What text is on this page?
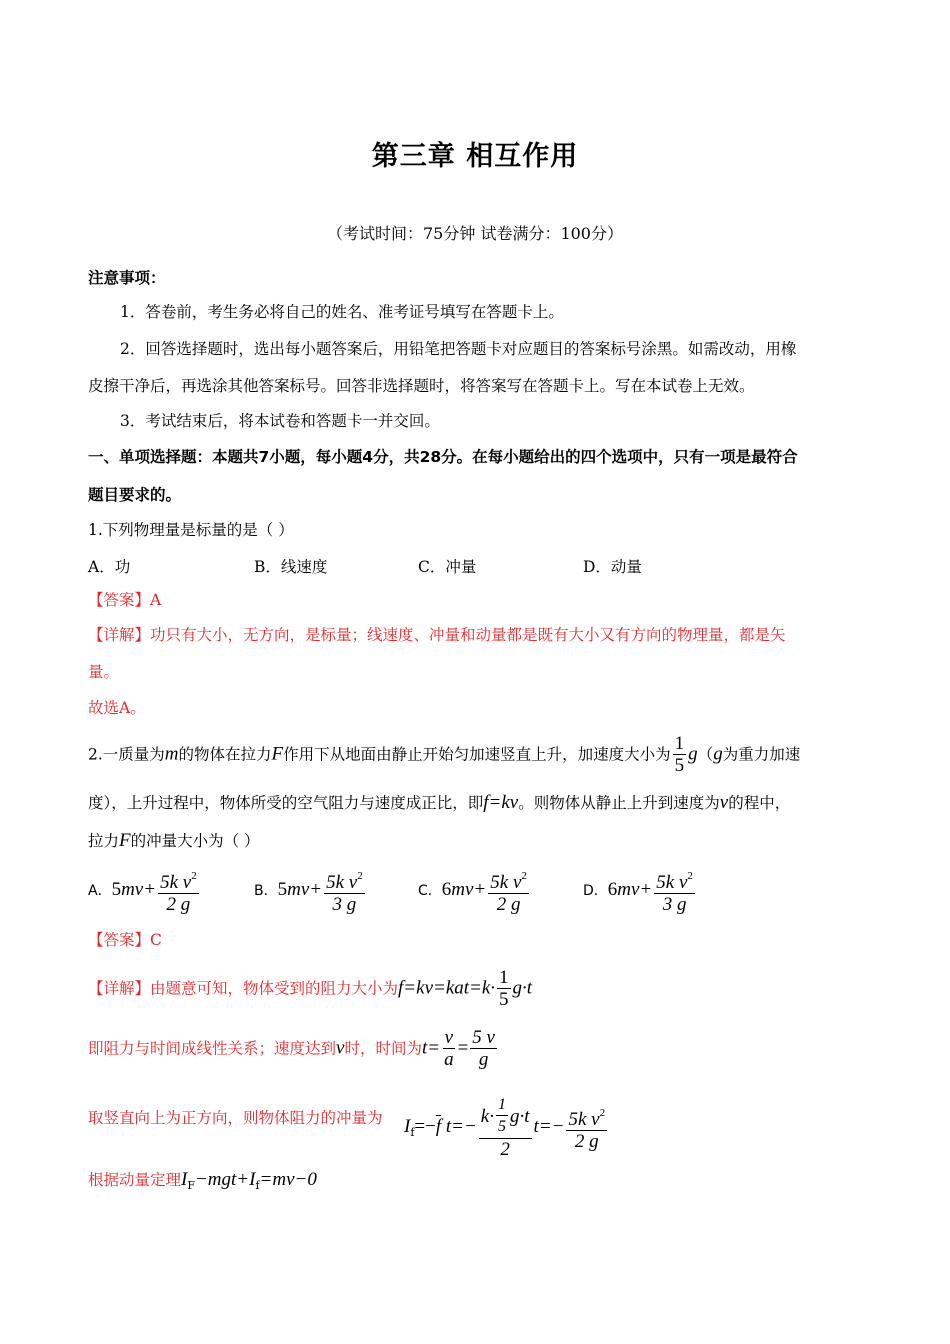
第三章 相互作用
（考试时间：75分钟 试卷满分：100分）
注意事项：
1．答卷前，考生务必将自己的姓名、准考证号填写在答题卡上。
2．回答选择题时，选出每小题答案后，用铅笔把答题卡对应题目的答案标号涂黑。如需改动，用橡
皮擦干净后，再选涂其他答案标号。回答非选择题时，将答案写在答题卡上。写在本试卷上无效。
3．考试结束后，将本试卷和答题卡一并交回。
一、单项选择题：本题共7小题，每小题4分，共28分。在每小题给出的四个选项中，只有一项是最符合
题目要求的。
1.下列物理量是标量的是（ ）
A．功	B．线速度	C．冲量	D．动量
【答案】A
【详解】功只有大小，无方向，是标量；线速度、冲量和动量都是既有大小又有方向的物理量，都是矢
量。
故选A。
2.一质量为m的物体在拉力F作用下从地面由静止开始匀加速竖直上升，加速度大小为 $\frac{1}{5} g(g$为重力加速
度），上升过程中，物体所受的空气阻力与速度成正比，即f=kv。则物体从静止上升到速度为v的程中，
拉力F的冲量大小为（ ）
A．$5mv+ \frac{5k v^2}{2 g}$	B．$5mv+ \frac{5k v^2}{3 g}$	C．$6mv+ \frac{5k v^2}{2 g}$	D．$6mv+ \frac{5k v^2}{3 g}$
【答案】C
【详解】由题意可知，物体受到的阻力大小为$f=kv=kat=k\cdot \frac{1}{5} g\cdot t$
即阻力与时间成线性关系；速度达到v时，时间为$t= \frac{v}{a} = \frac{5 v}{g}$
取竖直向上为正方向，则物体阻力的冲量为 $I_f=-\overline{f}$ $t=- \frac{k\cdot \frac{1}{5} g\cdot t}{2} t=- \frac{5k v^2}{2 g}$
根据动量定理$I_F-mgt+I_f=mv-0$
